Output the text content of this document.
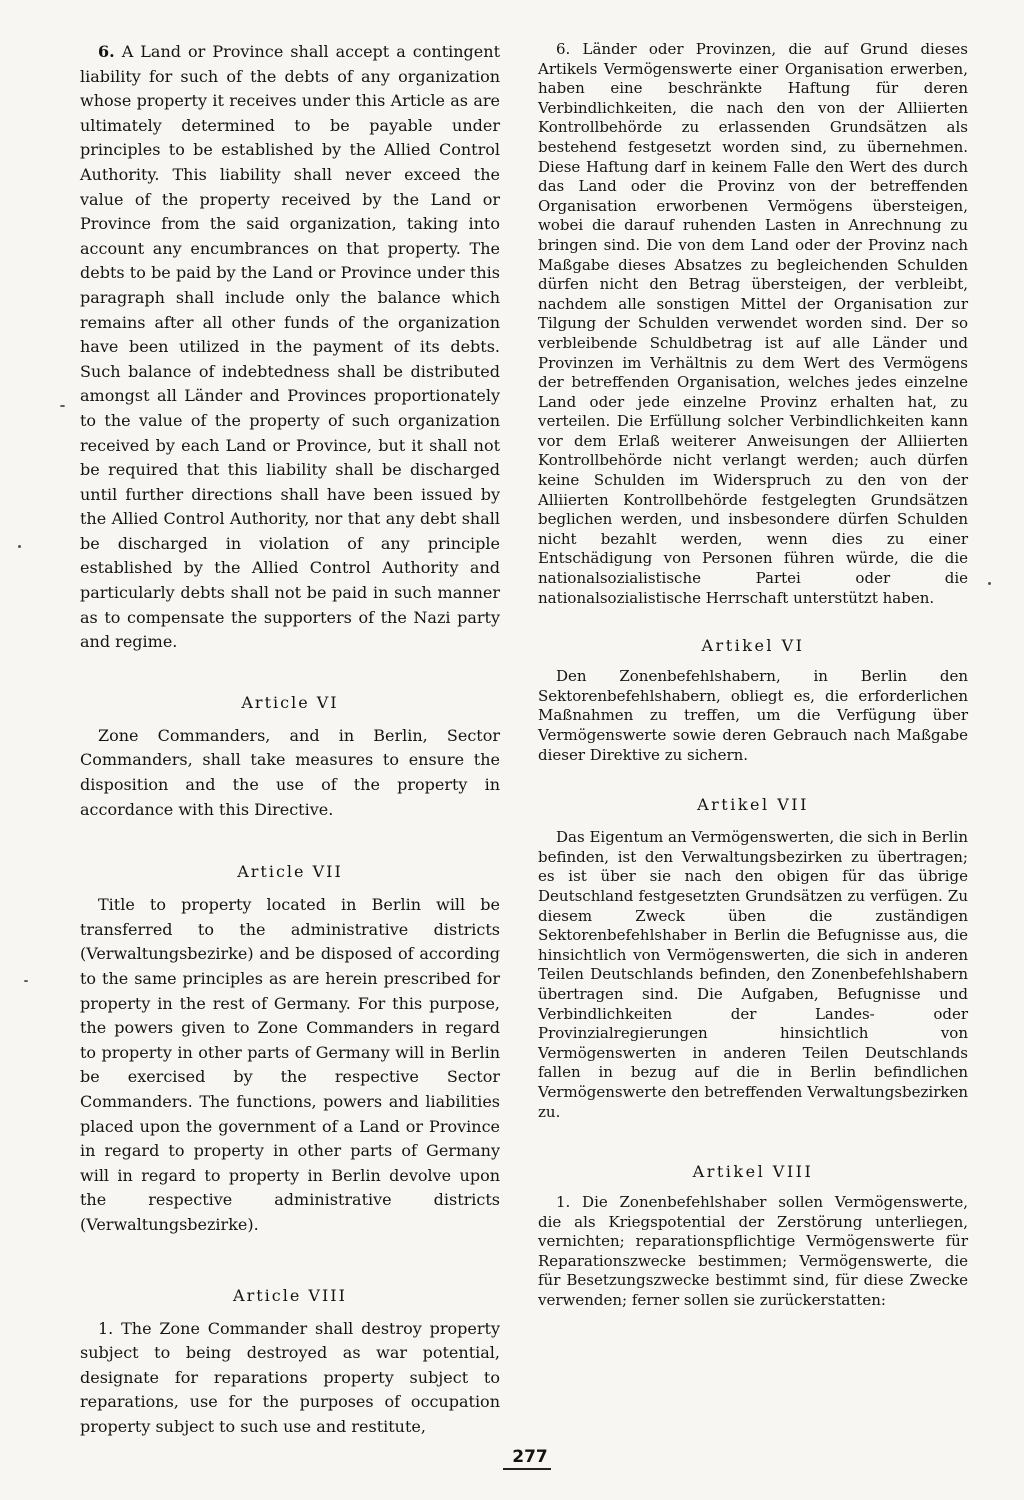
6. A Land or Province shall accept a contingent liability for such of the debts of any organization whose property it receives under this Article as are ultimately determined to be payable under principles to be established by the Allied Control Authority. This liability shall never exceed the value of the property received by the Land or Province from the said organization, taking into account any encumbrances on that property. The debts to be paid by the Land or Province under this paragraph shall include only the balance which remains after all other funds of the organization have been utilized in the payment of its debts. Such balance of indebtedness shall be distributed amongst all Länder and Provinces proportionately to the value of the property of such organization received by each Land or Province, but it shall not be required that this liability shall be discharged until further directions shall have been issued by the Allied Control Authority, nor that any debt shall be discharged in violation of any principle established by the Allied Control Authority and particularly debts shall not be paid in such manner as to compensate the supporters of the Nazi party and regime.

Article VI

Zone Commanders, and in Berlin, Sector Commanders, shall take measures to ensure the disposition and the use of the property in accordance with this Directive.

Article VII

Title to property located in Berlin will be transferred to the administrative districts (Verwaltungsbezirke) and be disposed of according to the same principles as are herein prescribed for property in the rest of Germany. For this purpose, the powers given to Zone Commanders in regard to property in other parts of Germany will in Berlin be exercised by the respective Sector Commanders. The functions, powers and liabilities placed upon the government of a Land or Province in regard to property in other parts of Germany will in regard to property in Berlin devolve upon the respective administrative districts (Verwaltungsbezirke).

Article VIII

1. The Zone Commander shall destroy property subject to being destroyed as war potential, designate for reparations property subject to reparations, use for the purposes of occupation property subject to such use and restitute,

6. Länder oder Provinzen, die auf Grund dieses Artikels Vermögenswerte einer Organisation erwerben, haben eine beschränkte Haftung für deren Verbindlichkeiten, die nach den von der Alliierten Kontrollbehörde zu erlassenden Grundsätzen als bestehend festgesetzt worden sind, zu übernehmen. Diese Haftung darf in keinem Falle den Wert des durch das Land oder die Provinz von der betreffenden Organisation erworbenen Vermögens übersteigen, wobei die darauf ruhenden Lasten in Anrechnung zu bringen sind. Die von dem Land oder der Provinz nach Maßgabe dieses Absatzes zu begleichenden Schulden dürfen nicht den Betrag übersteigen, der verbleibt, nachdem alle sonstigen Mittel der Organisation zur Tilgung der Schulden verwendet worden sind. Der so verbleibende Schuldbetrag ist auf alle Länder und Provinzen im Verhältnis zu dem Wert des Vermögens der betreffenden Organisation, welches jedes einzelne Land oder jede einzelne Provinz erhalten hat, zu verteilen. Die Erfüllung solcher Verbindlichkeiten kann vor dem Erlaß weiterer Anweisungen der Alliierten Kontrollbehörde nicht verlangt werden; auch dürfen keine Schulden im Widerspruch zu den von der Alliierten Kontrollbehörde festgelegten Grundsätzen beglichen werden, und insbesondere dürfen Schulden nicht bezahlt werden, wenn dies zu einer Entschädigung von Personen führen würde, die die nationalsozialistische Partei oder die nationalsozialistische Herrschaft unterstützt haben.

Artikel VI

Den Zonenbefehlshabern, in Berlin den Sektorenbefehlshabern, obliegt es, die erforderlichen Maßnahmen zu treffen, um die Verfügung über Vermögenswerte sowie deren Gebrauch nach Maßgabe dieser Direktive zu sichern.

Artikel VII

Das Eigentum an Vermögenswerten, die sich in Berlin befinden, ist den Verwaltungsbezirken zu übertragen; es ist über sie nach den obigen für das übrige Deutschland festgesetzten Grundsätzen zu verfügen. Zu diesem Zweck üben die zuständigen Sektorenbefehlshaber in Berlin die Befugnisse aus, die hinsichtlich von Vermögenswerten, die sich in anderen Teilen Deutschlands befinden, den Zonenbefehlshabern übertragen sind. Die Aufgaben, Befugnisse und Verbindlichkeiten der Landes- oder Provinzialregierungen hinsichtlich von Vermögenswerten in anderen Teilen Deutschlands fallen in bezug auf die in Berlin befindlichen Vermögenswerte den betreffenden Verwaltungsbezirken zu.

Artikel VIII

1. Die Zonenbefehlshaber sollen Vermögenswerte, die als Kriegspotential der Zerstörung unterliegen, vernichten; reparationspflichtige Vermögenswerte für Reparationszwecke bestimmen; Vermögenswerte, die für Besetzungszwecke bestimmt sind, für diese Zwecke verwenden; ferner sollen sie zurückerstatten:

277
